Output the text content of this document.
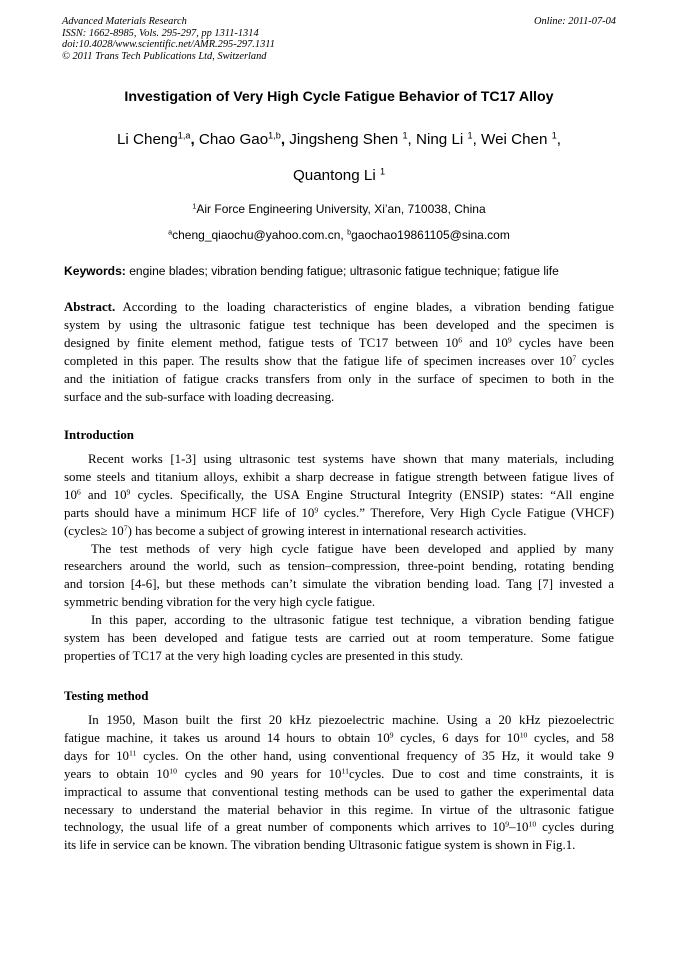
Advanced Materials Research
ISSN: 1662-8985, Vols. 295-297, pp 1311-1314
doi:10.4028/www.scientific.net/AMR.295-297.1311
© 2011 Trans Tech Publications Ltd, Switzerland
Online: 2011-07-04
Investigation of Very High Cycle Fatigue Behavior of TC17 Alloy
Li Cheng$^{1,a}$, Chao Gao$^{1,b}$, Jingsheng Shen $^1$, Ning Li $^1$, Wei Chen $^1$,
Quantong Li $^1$
$^1$Air Force Engineering University, Xi’an, 710038, China
$^a$cheng_qiaochu@yahoo.com.cn, $^b$gaochao19861105@sina.com
Keywords: engine blades; vibration bending fatigue; ultrasonic fatigue technique; fatigue life
Abstract. According to the loading characteristics of engine blades, a vibration bending fatigue
system by using the ultrasonic fatigue test technique has been developed and the specimen is
designed by finite element method, fatigue tests of TC17 between $10^6$ and $10^9$ cycles have been
completed in this paper. The results show that the fatigue life of specimen increases over $10^7$ cycles
and the initiation of fatigue cracks transfers from only in the surface of specimen to both in the
surface and the sub-surface with loading decreasing.
Introduction
Recent works [1-3] using ultrasonic test systems have shown that many materials, including
some steels and titanium alloys, exhibit a sharp decrease in fatigue strength between fatigue lives of
$10^6$ and $10^9$ cycles. Specifically, the USA Engine Structural Integrity (ENSIP) states: “All engine
parts should have a minimum HCF life of $10^9$ cycles.” Therefore, Very High Cycle Fatigue (VHCF)
(cycles≥ $10^7$) has become a subject of growing interest in international research activities.
The test methods of very high cycle fatigue have been developed and applied by many
researchers around the world, such as tension–compression, three-point bending, rotating bending
and torsion [4-6], but these methods can’t simulate the vibration bending load. Tang [7] invested a
symmetric bending vibration for the very high cycle fatigue.
In this paper, according to the ultrasonic fatigue test technique, a vibration bending fatigue
system has been developed and fatigue tests are carried out at room temperature. Some fatigue
properties of TC17 at the very high loading cycles are presented in this study.
Testing method
In 1950, Mason built the first 20 kHz piezoelectric machine. Using a 20 kHz piezoelectric
fatigue machine, it takes us around 14 hours to obtain $10^9$ cycles, 6 days for $10^{10}$ cycles, and 58
days for $10^{11}$ cycles. On the other hand, using conventional frequency of 35 Hz, it would take 9
years to obtain $10^{10}$ cycles and 90 years for $10^{11}cycles$. Due to cost and time constraints, it is
impractical to assume that conventional testing methods can be used to gather the experimental data
necessary to understand the material behavior in this regime. In virtue of the ultrasonic fatigue
technology, the usual life of a great number of components which arrives to $10^9-10^{10}$ cycles during
its life in service can be known. The vibration bending Ultrasonic fatigue system is shown in Fig.1.
